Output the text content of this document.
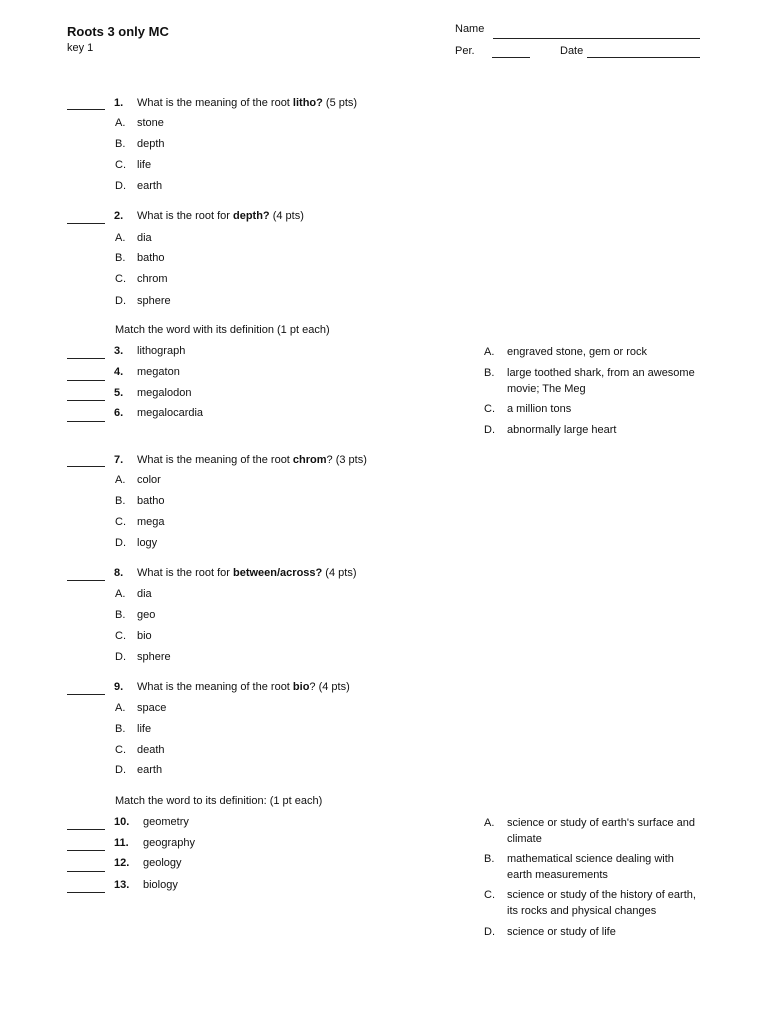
Roots 3 only MC
key 1
Name
Per.	Date
1. What is the meaning of the root litho? (5 pts)
A. stone
B. depth
C. life
D. earth
2. What is the root for depth? (4 pts)
A. dia
B. batho
C. chrom
D. sphere
Match the word with its definition (1 pt each)
3. lithograph
4. megaton
5. megalodon
6. megalocardia
A.	engraved stone, gem or rock
B.	large toothed shark, from an awesome movie; The Meg
C.	a million tons
D.	abnormally large heart
7. What is the meaning of the root chrom? (3 pts)
A. color
B. batho
C. mega
D. logy
8. What is the root for between/across? (4 pts)
A. dia
B. geo
C. bio
D. sphere
9. What is the meaning of the root bio? (4 pts)
A. space
B. life
C. death
D. earth
Match the word to its definition: (1 pt each)
10. geometry
11. geography
12. geology
13. biology
A.	science or study of earth's surface and climate
B.	mathematical science dealing with earth measurements
C.	science or study of the history of earth, its rocks and physical changes
D.	science or study of life
